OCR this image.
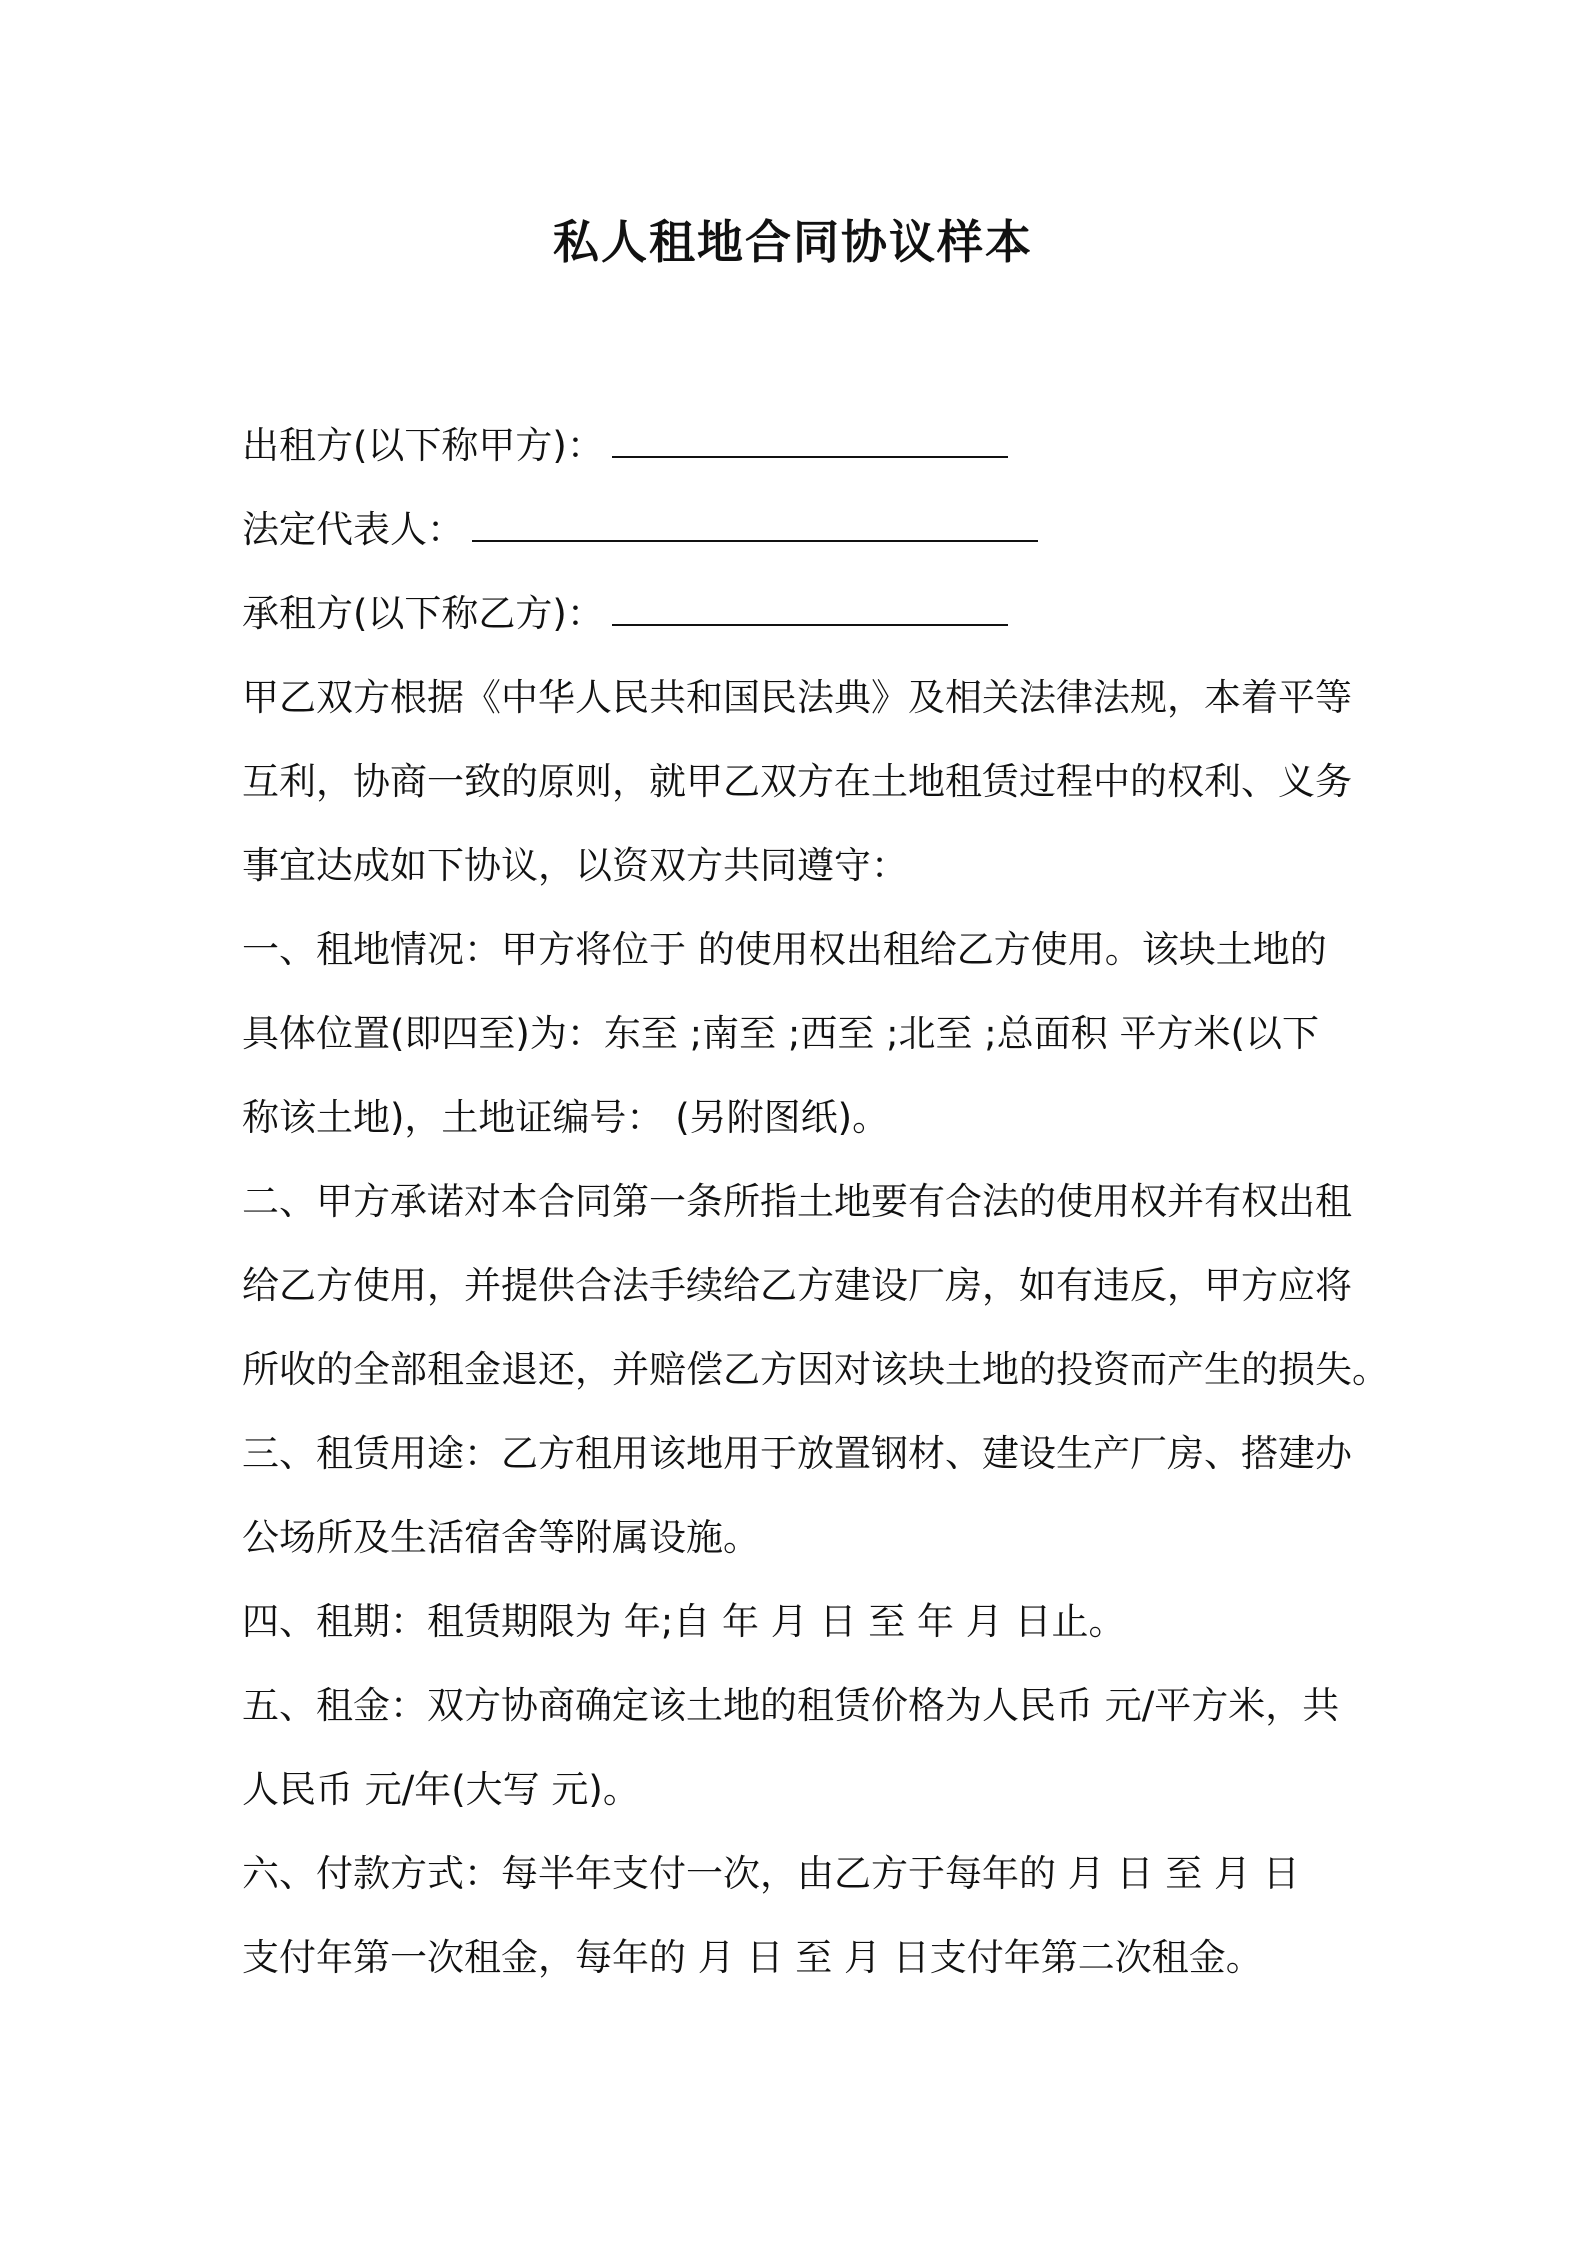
私人租地合同协议样本
出租方(以下称甲方)：
法定代表人：
承租方(以下称乙方)：
甲乙双方根据《中华人民共和国民法典》及相关法律法规，本着平等
互利，协商一致的原则，就甲乙双方在土地租赁过程中的权利、义务
事宜达成如下协议，以资双方共同遵守：
一、租地情况：甲方将位于 的使用权出租给乙方使用。该块土地的
具体位置(即四至)为：东至 ;南至 ;西至 ;北至 ;总面积 平方米(以下
称该土地)，土地证编号： (另附图纸)。
二、甲方承诺对本合同第一条所指土地要有合法的使用权并有权出租
给乙方使用，并提供合法手续给乙方建设厂房，如有违反，甲方应将
所收的全部租金退还，并赔偿乙方因对该块土地的投资而产生的损失。
三、租赁用途：乙方租用该地用于放置钢材、建设生产厂房、搭建办
公场所及生活宿舍等附属设施。
四、租期：租赁期限为 年;自 年 月 日 至 年 月 日止。
五、租金：双方协商确定该土地的租赁价格为人民币 元/平方米，共
人民币 元/年(大写 元)。
六、付款方式：每半年支付一次，由乙方于每年的 月 日 至 月 日
支付年第一次租金，每年的 月 日 至 月 日支付年第二次租金。
